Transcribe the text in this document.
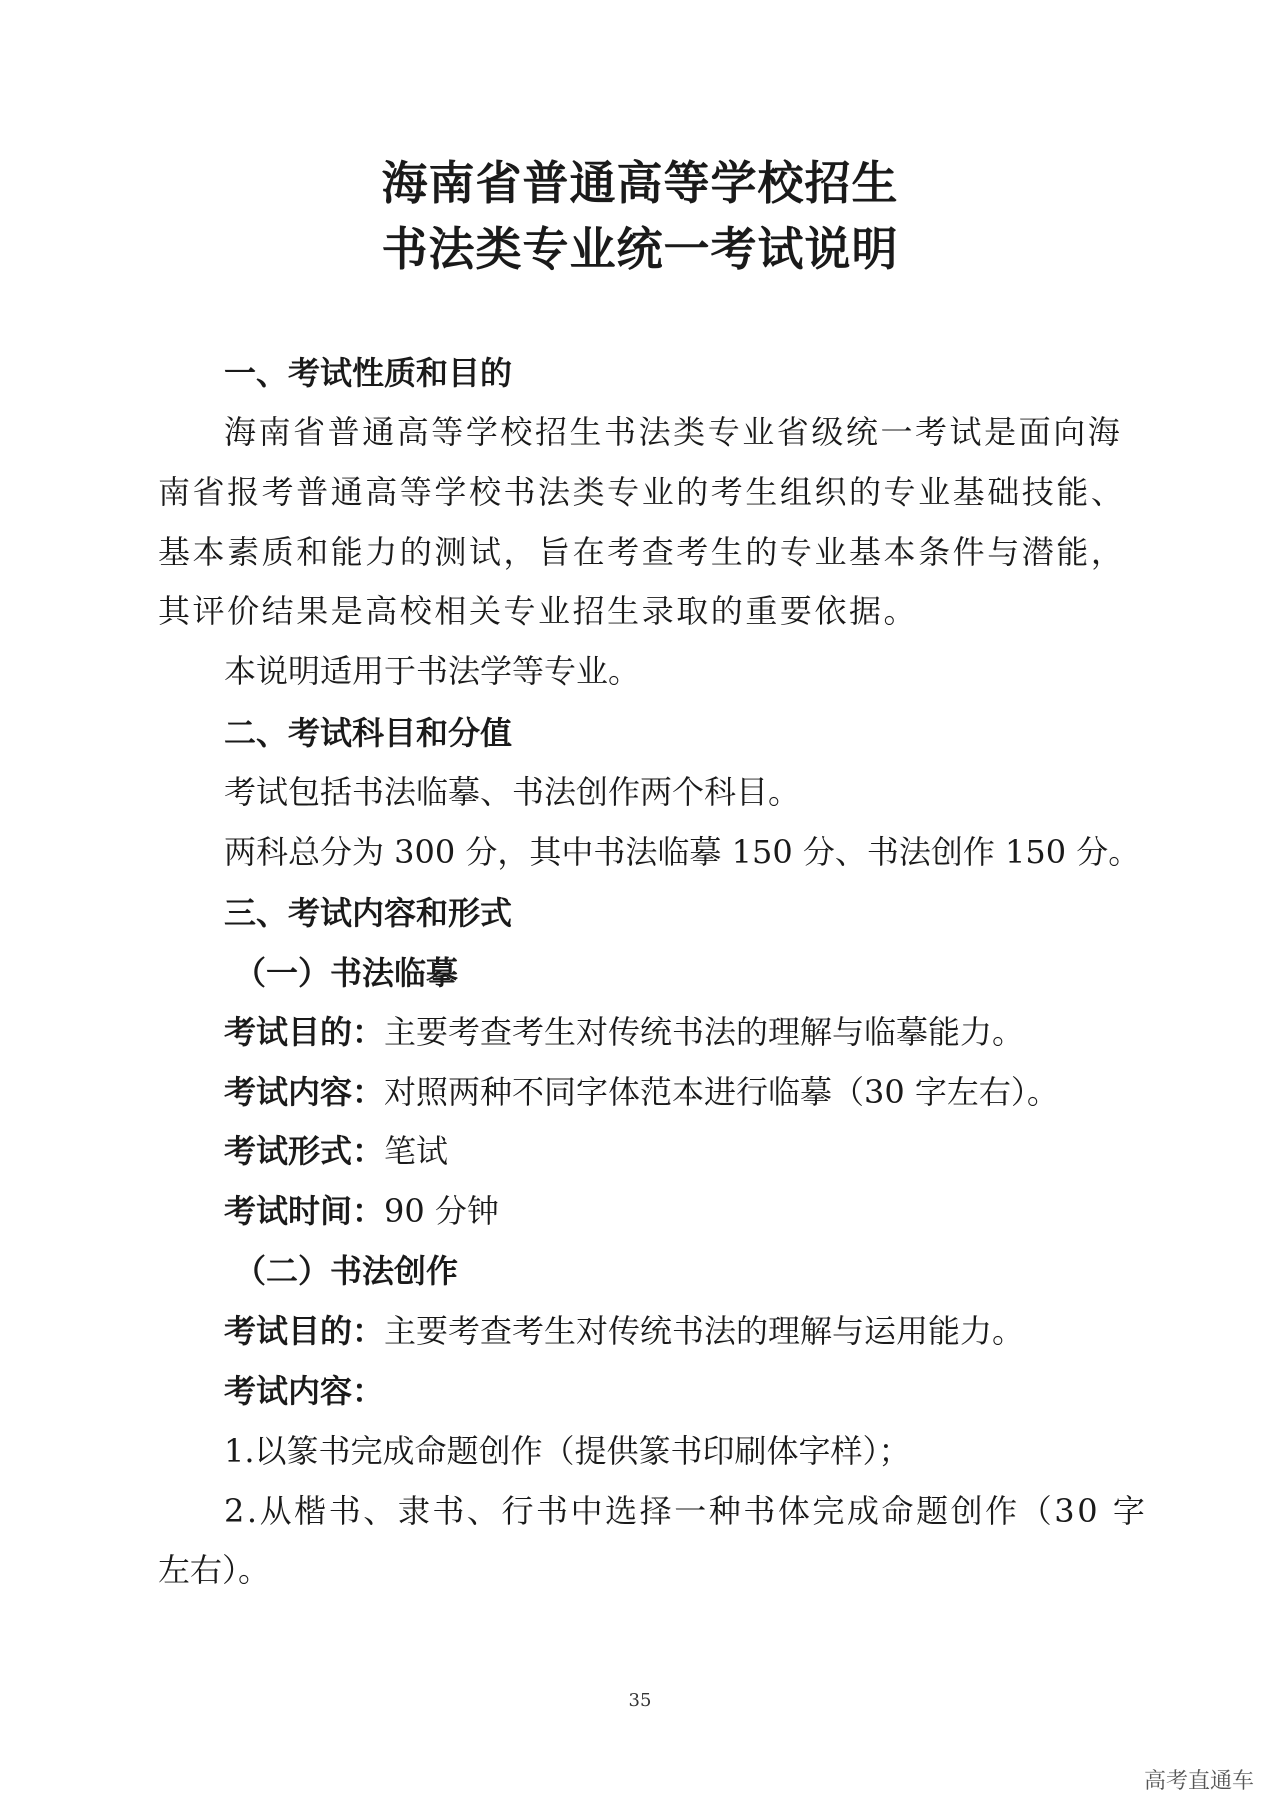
海南省普通高等学校招生
书法类专业统一考试说明
一、考试性质和目的
海南省普通高等学校招生书法类专业省级统一考试是面向海
南省报考普通高等学校书法类专业的考生组织的专业基础技能、
基本素质和能力的测试，旨在考查考生的专业基本条件与潜能，
其评价结果是高校相关专业招生录取的重要依据。
本说明适用于书法学等专业。
二、考试科目和分值
考试包括书法临摹、书法创作两个科目。
两科总分为 300 分，其中书法临摹 150 分、书法创作 150 分。
三、考试内容和形式
（一）书法临摹
考试目的：主要考查考生对传统书法的理解与临摹能力。
考试内容：对照两种不同字体范本进行临摹（30 字左右）。
考试形式：笔试
考试时间：90 分钟
（二）书法创作
考试目的：主要考查考生对传统书法的理解与运用能力。
考试内容：
1.以篆书完成命题创作（提供篆书印刷体字样）；
2.从楷书、隶书、行书中选择一种书体完成命题创作（30 字
左右）。
35
高考直通车
